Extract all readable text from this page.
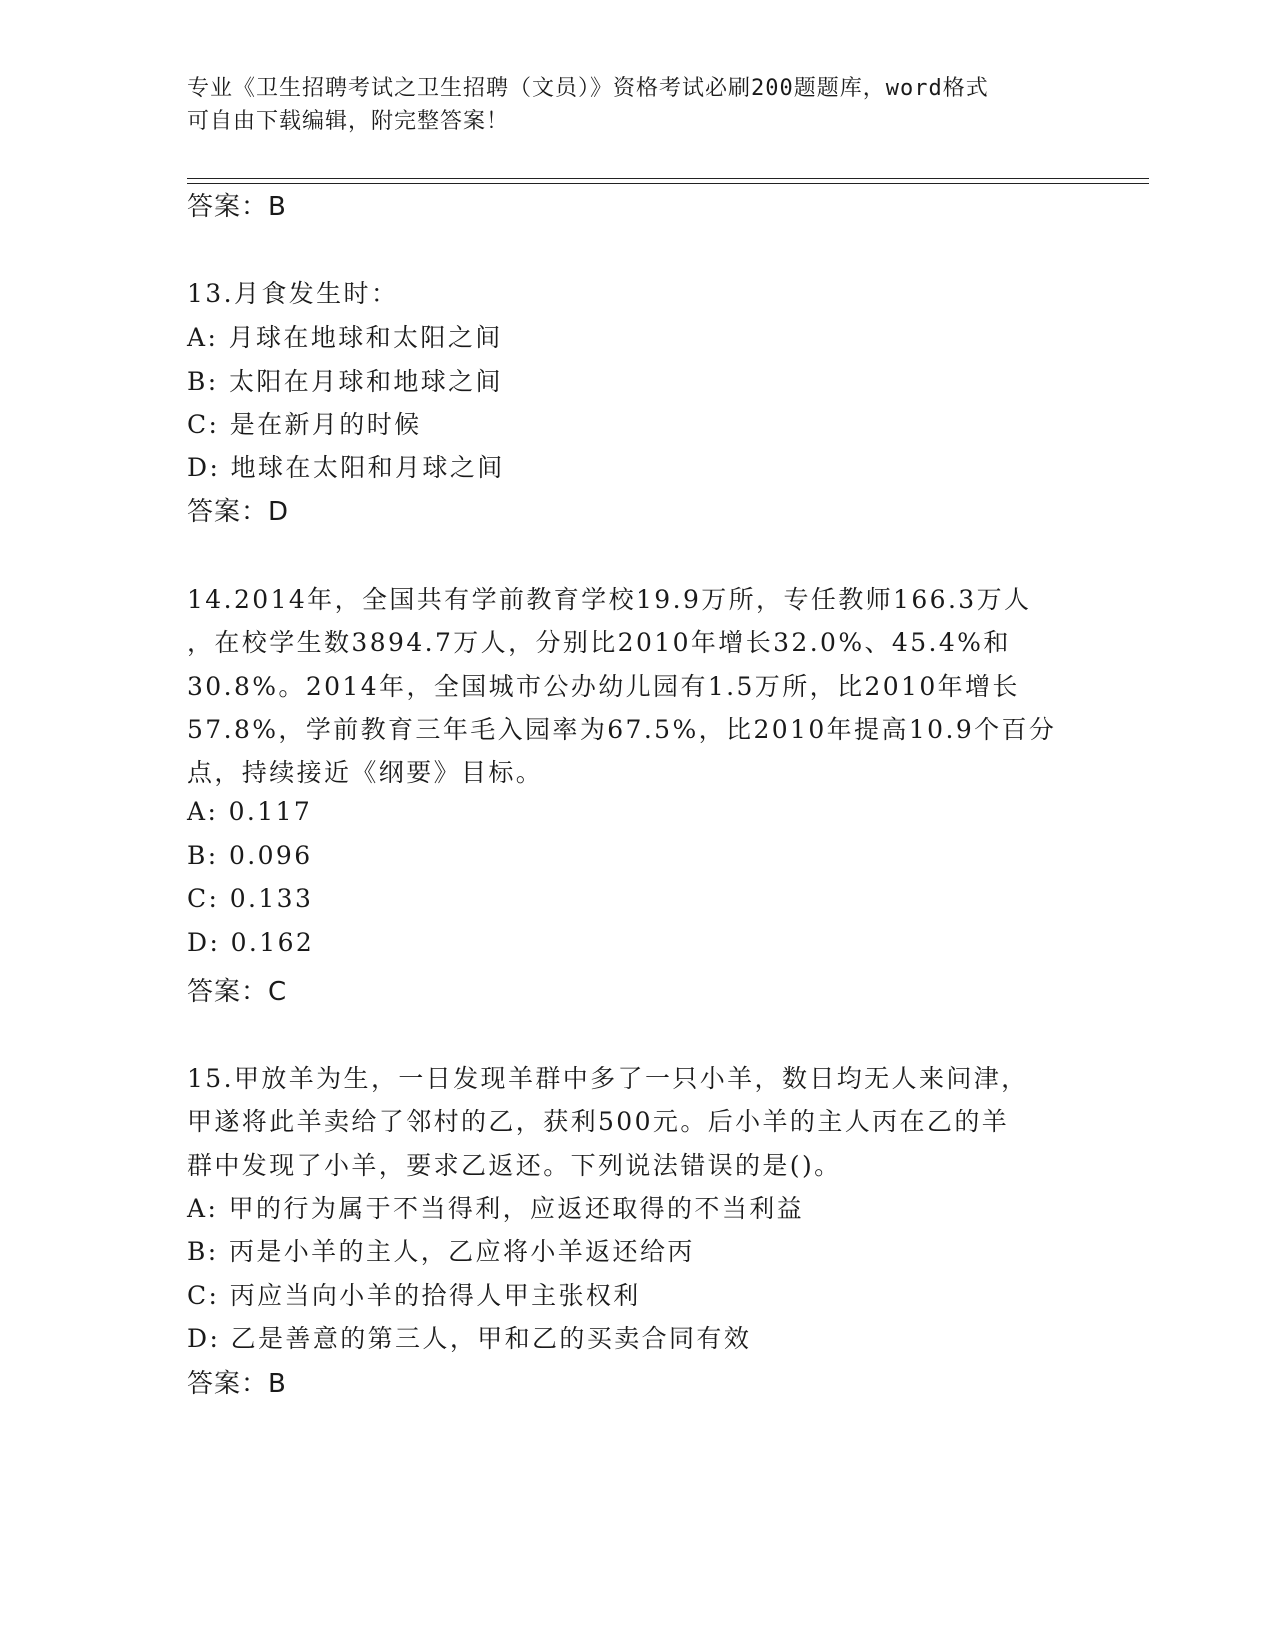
专业《卫生招聘考试之卫生招聘（文员）》资格考试必刷200题题库，word格式
可自由下载编辑，附完整答案！
答案：B
13.月食发生时：
A: 月球在地球和太阳之间
B: 太阳在月球和地球之间
C: 是在新月的时候
D: 地球在太阳和月球之间
答案：D
14.2014年，全国共有学前教育学校19.9万所，专任教师166.3万人
，在校学生数3894.7万人，分别比2010年增长32.0%、45.4%和
30.8%。2014年，全国城市公办幼儿园有1.5万所，比2010年增长
57.8%，学前教育三年毛入园率为67.5%，比2010年提高10.9个百分
点，持续接近《纲要》目标。
A: 0.117
B: 0.096
C: 0.133
D: 0.162
答案：C
15.甲放羊为生，一日发现羊群中多了一只小羊，数日均无人来问津，
甲遂将此羊卖给了邻村的乙，获利500元。后小羊的主人丙在乙的羊
群中发现了小羊，要求乙返还。下列说法错误的是()。
A: 甲的行为属于不当得利，应返还取得的不当利益
B: 丙是小羊的主人，乙应将小羊返还给丙
C: 丙应当向小羊的拾得人甲主张权利
D: 乙是善意的第三人，甲和乙的买卖合同有效
答案：B
